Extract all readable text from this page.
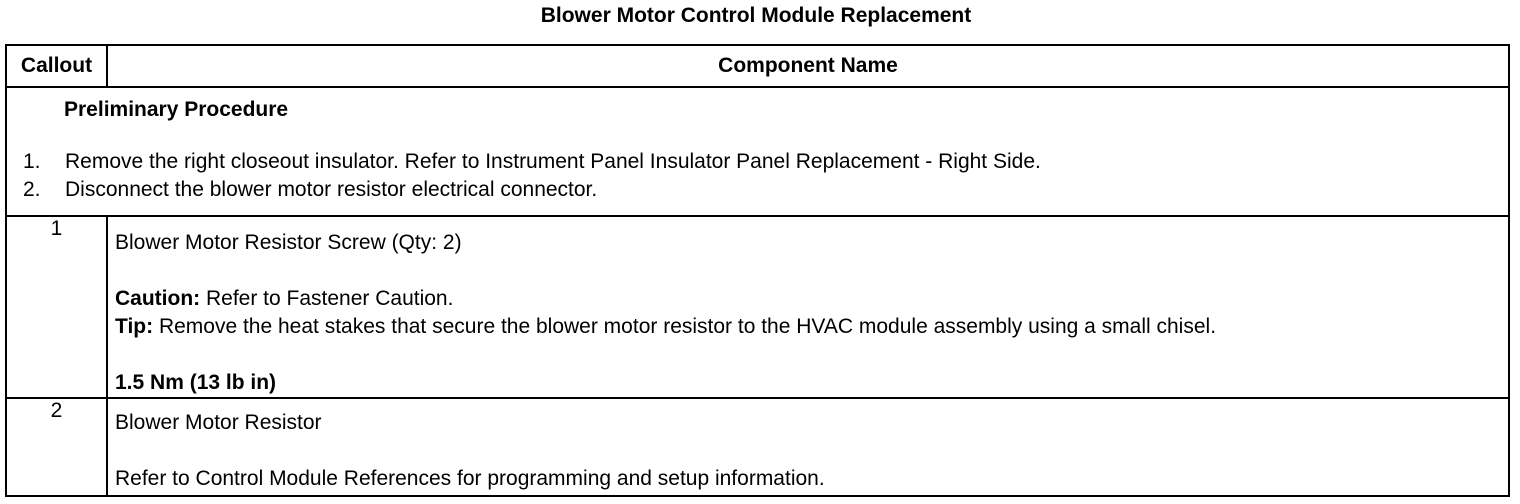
Blower Motor Control Module Replacement
Callout	Component Name

Preliminary Procedure
1. Remove the right closeout insulator. Refer to Instrument Panel Insulator Panel Replacement - Right Side.
2. Disconnect the blower motor resistor electrical connector.	

1	Blower Motor Resistor Screw (Qty: 2)
Caution: Refer to Fastener Caution.
Tip: Remove the heat stakes that secure the blower motor resistor to the HVAC module assembly using a small chisel.
1.5 Nm (13 lb in)

2	Blower Motor Resistor
Refer to Control Module References for programming and setup information.
